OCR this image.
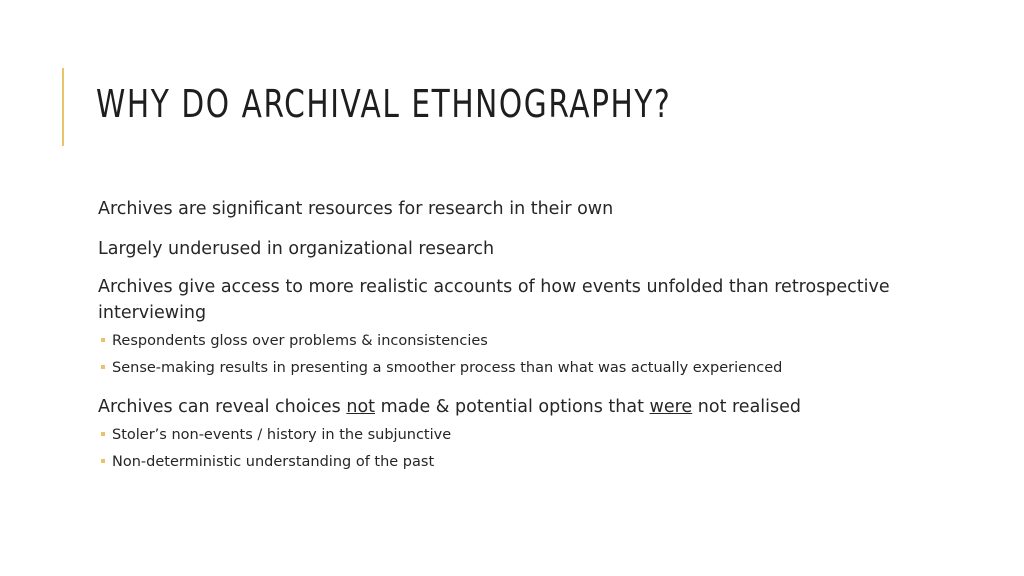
WHY DO ARCHIVAL ETHNOGRAPHY?

Archives are significant resources for research in their own

Largely underused in organizational research

Archives give access to more realistic accounts of how events unfolded than retrospective interviewing

Respondents gloss over problems & inconsistencies

Sense-making results in presenting a smoother process than what was actually experienced

Archives can reveal choices not made & potential options that were not realised

Stoler’s non-events / history in the subjunctive

Non-deterministic understanding of the past
